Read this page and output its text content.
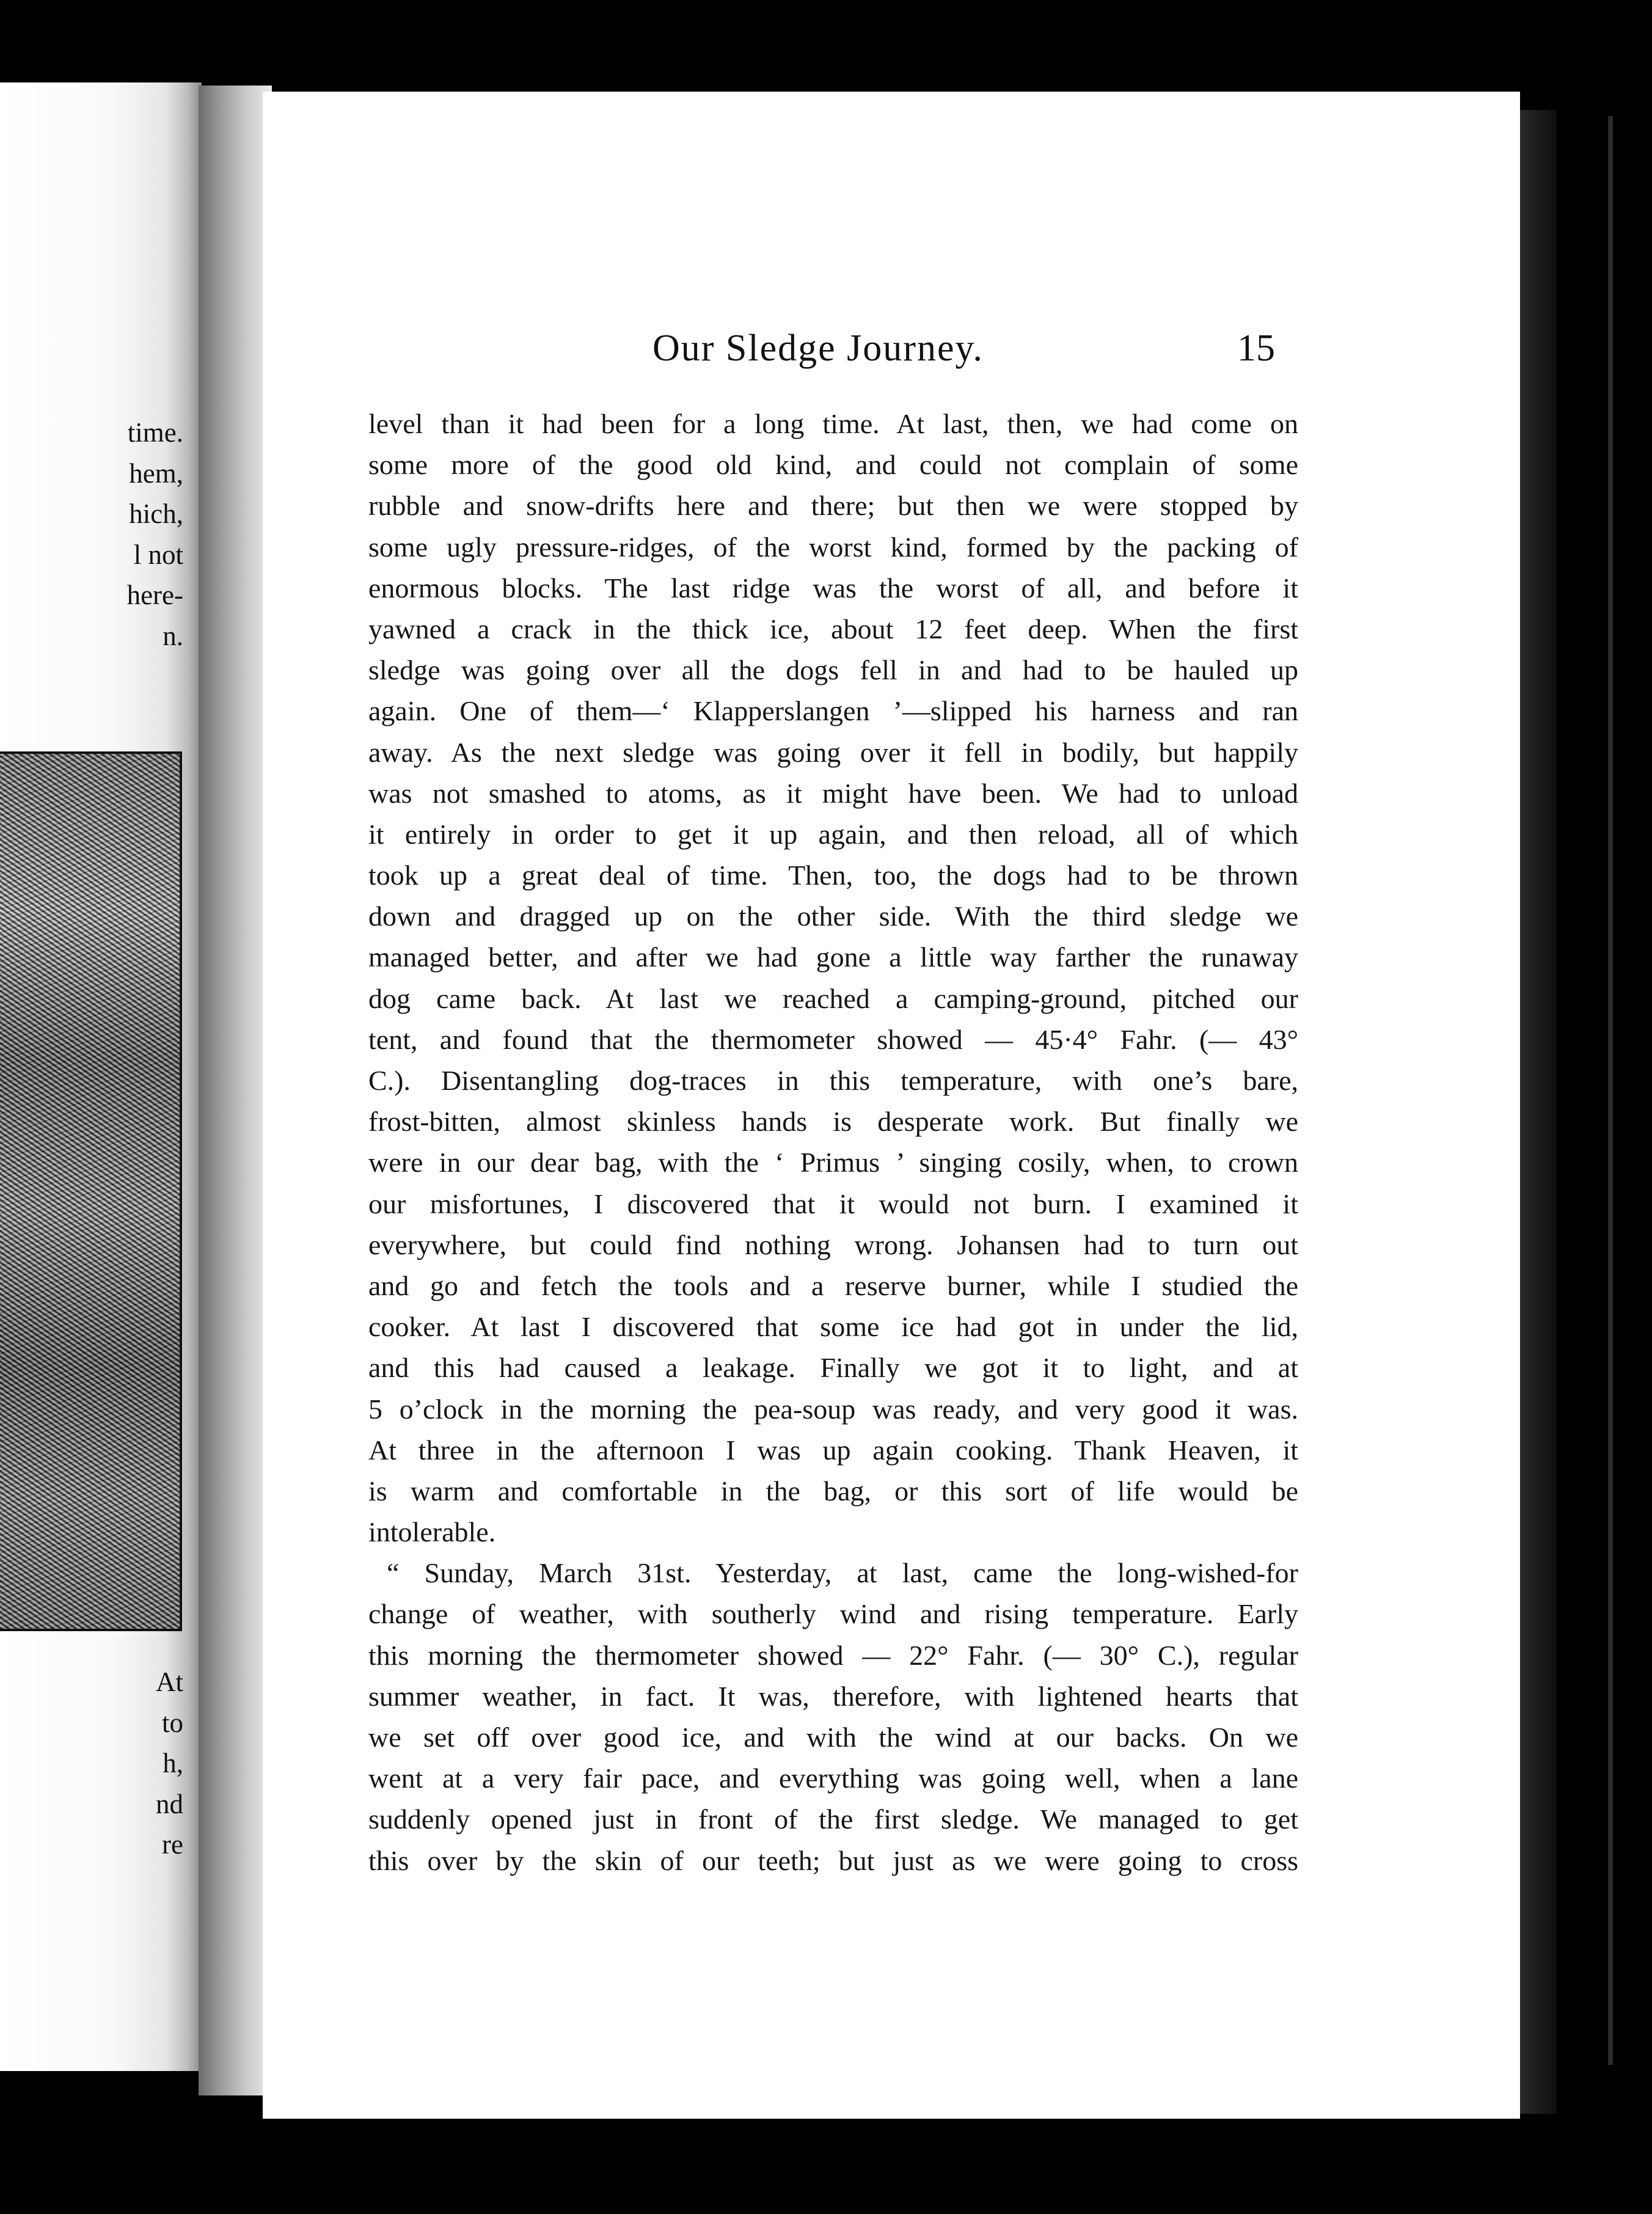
time.
hem,
hich,
l not
here-
n.
At
to
h,
nd
re
Our Sledge Journey.	15
level than it had been for a long time. At last, then, we had come on
some more of the good old kind, and could not complain of some
rubble and snow-drifts here and there; but then we were stopped by
some ugly pressure-ridges, of the worst kind, formed by the packing of
enormous blocks. The last ridge was the worst of all, and before it
yawned a crack in the thick ice, about 12 feet deep. When the first
sledge was going over all the dogs fell in and had to be hauled up
again. One of them—‘ Klapperslangen ’—slipped his harness and ran
away. As the next sledge was going over it fell in bodily, but happily
was not smashed to atoms, as it might have been. We had to unload
it entirely in order to get it up again, and then reload, all of which
took up a great deal of time. Then, too, the dogs had to be thrown
down and dragged up on the other side. With the third sledge we
managed better, and after we had gone a little way farther the runaway
dog came back. At last we reached a camping-ground, pitched our
tent, and found that the thermometer showed — 45·4° Fahr. (— 43°
C.). Disentangling dog-traces in this temperature, with one’s bare,
frost-bitten, almost skinless hands is desperate work. But finally we
were in our dear bag, with the ‘ Primus ’ singing cosily, when, to crown
our misfortunes, I discovered that it would not burn. I examined it
everywhere, but could find nothing wrong. Johansen had to turn out
and go and fetch the tools and a reserve burner, while I studied the
cooker. At last I discovered that some ice had got in under the lid,
and this had caused a leakage. Finally we got it to light, and at
5 o’clock in the morning the pea-soup was ready, and very good it was.
At three in the afternoon I was up again cooking. Thank Heaven, it
is warm and comfortable in the bag, or this sort of life would be
intolerable.
“ Sunday, March 31st. Yesterday, at last, came the long-wished-for
change of weather, with southerly wind and rising temperature. Early
this morning the thermometer showed — 22° Fahr. (— 30° C.), regular
summer weather, in fact. It was, therefore, with lightened hearts that
we set off over good ice, and with the wind at our backs. On we
went at a very fair pace, and everything was going well, when a lane
suddenly opened just in front of the first sledge. We managed to get
this over by the skin of our teeth; but just as we were going to cross
